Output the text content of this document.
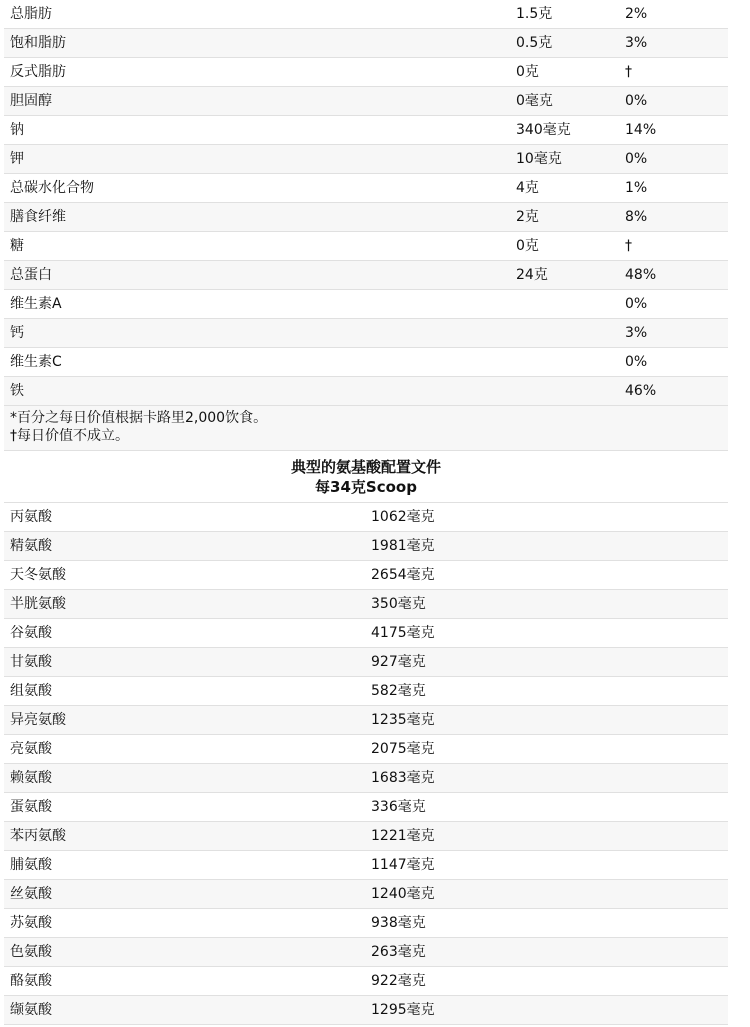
总脂肪	1.5克	2%
饱和脂肪	0.5克	3%
反式脂肪	0克	†
胆固醇	0毫克	0%
钠	340毫克	14%
钾	10毫克	0%
总碳水化合物	4克	1%
膳食纤维	2克	8%
糖	0克	†
总蛋白	24克	48%
维生素A		0%
钙		3%
维生素C		0%
铁		46%
*百分之每日价值根据卡路里2,000饮食。
†每日价值不成立。
典型的氨基酸配置文件
每34克Scoop
丙氨酸	1062毫克
精氨酸	1981毫克
天冬氨酸	2654毫克
半胱氨酸	350毫克
谷氨酸	4175毫克
甘氨酸	927毫克
组氨酸	582毫克
异亮氨酸	1235毫克
亮氨酸	2075毫克
赖氨酸	1683毫克
蛋氨酸	336毫克
苯丙氨酸	1221毫克
脯氨酸	1147毫克
丝氨酸	1240毫克
苏氨酸	938毫克
色氨酸	263毫克
酪氨酸	922毫克
缬氨酸	1295毫克
